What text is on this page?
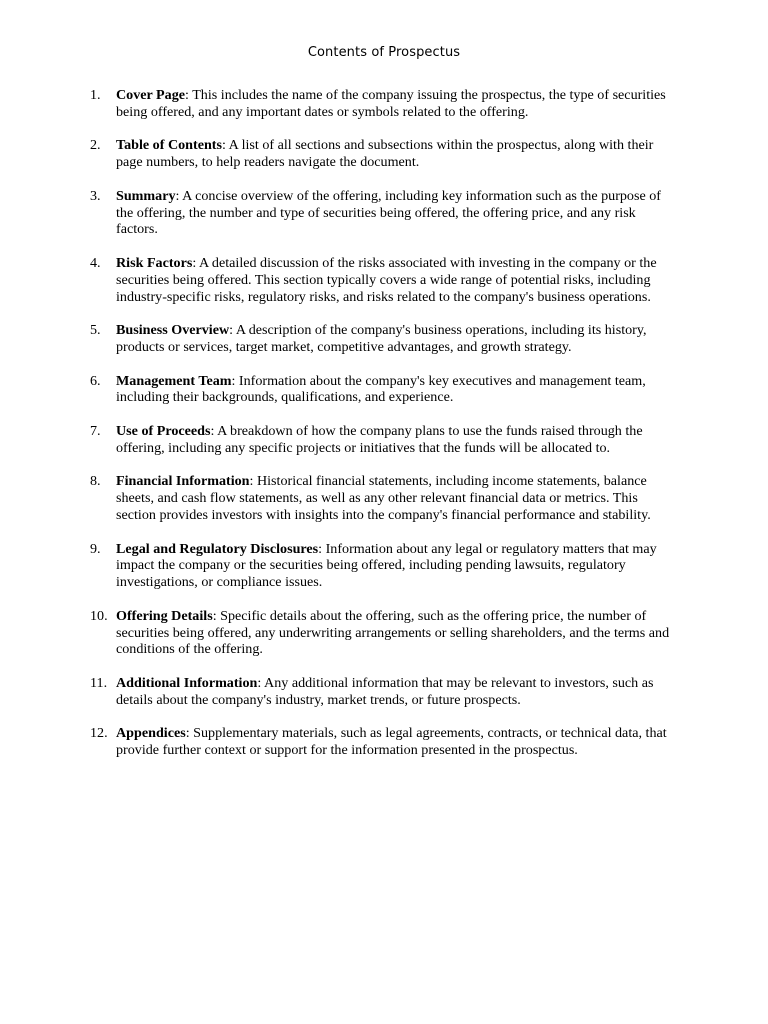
Contents of Prospectus
1. Cover Page: This includes the name of the company issuing the prospectus, the type of securities being offered, and any important dates or symbols related to the offering.
2. Table of Contents: A list of all sections and subsections within the prospectus, along with their page numbers, to help readers navigate the document.
3. Summary: A concise overview of the offering, including key information such as the purpose of the offering, the number and type of securities being offered, the offering price, and any risk factors.
4. Risk Factors: A detailed discussion of the risks associated with investing in the company or the securities being offered. This section typically covers a wide range of potential risks, including industry-specific risks, regulatory risks, and risks related to the company's business operations.
5. Business Overview: A description of the company's business operations, including its history, products or services, target market, competitive advantages, and growth strategy.
6. Management Team: Information about the company's key executives and management team, including their backgrounds, qualifications, and experience.
7. Use of Proceeds: A breakdown of how the company plans to use the funds raised through the offering, including any specific projects or initiatives that the funds will be allocated to.
8. Financial Information: Historical financial statements, including income statements, balance sheets, and cash flow statements, as well as any other relevant financial data or metrics. This section provides investors with insights into the company's financial performance and stability.
9. Legal and Regulatory Disclosures: Information about any legal or regulatory matters that may impact the company or the securities being offered, including pending lawsuits, regulatory investigations, or compliance issues.
10. Offering Details: Specific details about the offering, such as the offering price, the number of securities being offered, any underwriting arrangements or selling shareholders, and the terms and conditions of the offering.
11. Additional Information: Any additional information that may be relevant to investors, such as details about the company's industry, market trends, or future prospects.
12. Appendices: Supplementary materials, such as legal agreements, contracts, or technical data, that provide further context or support for the information presented in the prospectus.
